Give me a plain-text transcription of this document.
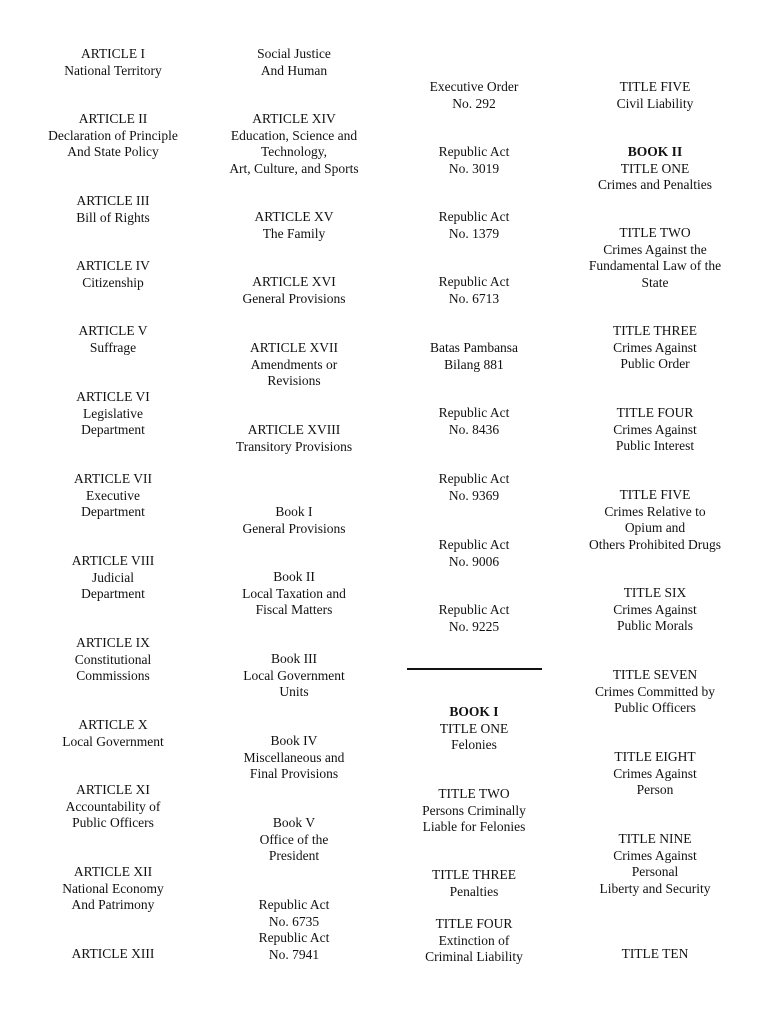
ARTICLE I
National Territory
ARTICLE II
Declaration of Principle
And State Policy
ARTICLE III
Bill of Rights
ARTICLE IV
Citizenship
ARTICLE V
Suffrage
ARTICLE VI
Legislative
Department
ARTICLE VII
Executive
Department
ARTICLE VIII
Judicial
Department
ARTICLE IX
Constitutional
Commissions
ARTICLE X
Local Government
ARTICLE XI
Accountability of
Public Officers
ARTICLE XII
National Economy
And Patrimony
ARTICLE XIII
Social Justice
And Human
ARTICLE XIV
Education, Science and
Technology,
Art, Culture, and Sports
ARTICLE XV
The Family
ARTICLE XVI
General Provisions
ARTICLE XVII
Amendments or
Revisions
ARTICLE XVIII
Transitory Provisions
Book I
General Provisions
Book II
Local Taxation and
Fiscal Matters
Book III
Local Government
Units
Book IV
Miscellaneous and
Final Provisions
Book V
Office of the
President
Republic Act
No. 6735
Republic Act
No. 7941
Executive Order
No. 292
Republic Act
No. 3019
Republic Act
No. 1379
Republic Act
No. 6713
Batas Pambansa
Bilang 881
Republic Act
No. 8436
Republic Act
No. 9369
Republic Act
No. 9006
Republic Act
No. 9225
BOOK I
TITLE ONE
Felonies
TITLE TWO
Persons Criminally
Liable for Felonies
TITLE THREE
Penalties
TITLE FOUR
Extinction of
Criminal Liability
TITLE FIVE
Civil Liability
BOOK II
TITLE ONE
Crimes and Penalties
TITLE TWO
Crimes Against the
Fundamental Law of the
State
TITLE THREE
Crimes Against
Public Order
TITLE FOUR
Crimes Against
Public Interest
TITLE FIVE
Crimes Relative to
Opium and
Others Prohibited Drugs
TITLE SIX
Crimes Against
Public Morals
TITLE SEVEN
Crimes Committed by
Public Officers
TITLE EIGHT
Crimes Against
Person
TITLE NINE
Crimes Against
Personal
Liberty and Security
TITLE TEN
